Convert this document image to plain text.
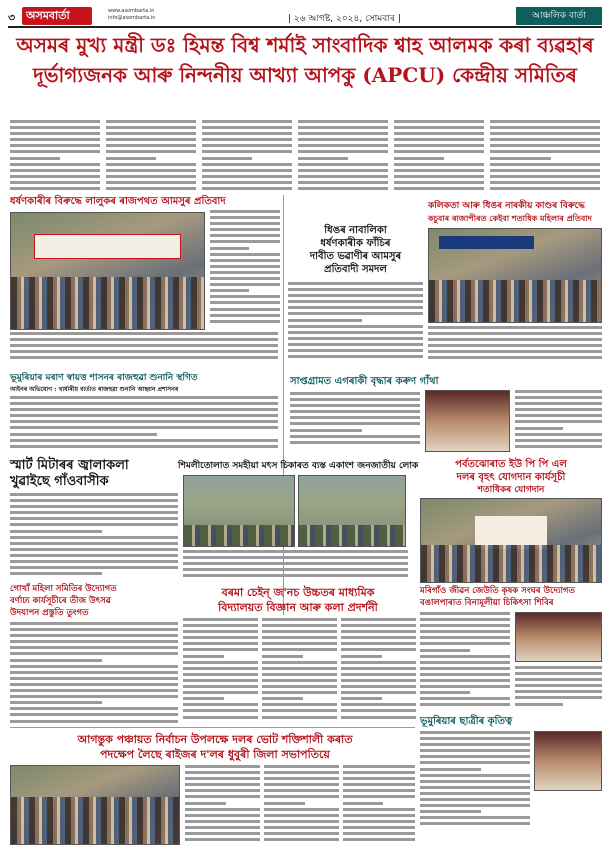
৩ অসমবাৰ্তা	www.asombarta.in
info@asombarta.in	| ২৬ আগষ্ট, ২০২৪, সোমবাৰ |	আঞ্চলিক বাৰ্তা
অসমৰ মুখ্য মন্ত্ৰী ডঃ হিমন্ত বিশ্ব শৰ্মাই সাংবাদিক শ্বাহ আলমক কৰা ব্যৱহাৰ
দূৰ্ভাগ্যজনক আৰু নিন্দনীয় আখ্যা আপকু (APCU) কেন্দ্ৰীয় সমিতিৰ
ধৰ্ষণকাৰীৰ বিৰুদ্ধে লালুকৰ ৰাজপথত আমসুৰ প্ৰতিবাদ
ধিঙৰ নাবালিকা
ধৰ্ষণকাৰীক ফাঁচিৰ
দাবীত ভৱাণীৰ আমসুৰ
প্ৰতিবাদী সমদল
কলিকতা আৰু ধিঙৰ নাৰকীয় কাণ্ডৰ বিৰুদ্ধে
কচুবাৰ ৰাজাপীৰত কেইবা শতাধিক মহিলাৰ প্ৰতিবাদ
ভূমুৰিয়াৰ মৰাণ স্বায়ত্ত শাসনৰ ৰাজহুৱা শুনানি স্থগিত
আইনৰ অভিযোগ : খাৰ্য্যৰীয় বাৰ্তাত ৰাজহুৱা শুনানি আহ্বান প্ৰশাসনৰ
সাপ্তগ্ৰামত এগৰাকী বৃদ্ধাৰ কৰুণ গাঁথা
স্মাৰ্ট মিটাৰৰ জ্বালাকলা
খুৱাইছে গাঁওবাসীক
শিমলীতোলাত সমহীয়া মৎস চিকাৰত ব্যস্ত একাংশ জনজাতীয় লোক	পৰ্বতঝোৰাত ইউ পি পি এল
দলৰ বৃহৎ যোগদান কাৰ্যসূচী
শতাধিকৰ যোগদান
গোখাঁ মহিলা সমিতিৰ উদ্যোগত
বৰ্ণাঢ্য কাৰ্যসূচীৰে তীজ উৎসৱ
উদযাপন প্ৰস্তুতি তুংগত
বৰমা চেইন্ জ'নচ উচ্চতৰ মাধ্যমিক
বিদ্যালয়ত বিজ্ঞান আৰু কলা প্ৰদৰ্শনী
মৰিগাঁও জীৱন জেউতি কৃষক সংঘৰ উদ্যোগত
বঙালপাৰাত বিনামূলীয়া চিকিৎসা শিবিৰ
ভূমুৰিয়াৰ ছাত্ৰীৰ কৃতিত্ব
আগন্তুক পঞ্চায়ত নিৰ্বাচন উপলক্ষে দলৰ ভোট শক্তিশালী কৰাত
পদক্ষেপ লৈছে ৰাইজৰ দ'লৰ ধুবুৰী জিলা সভাপতিয়ে
